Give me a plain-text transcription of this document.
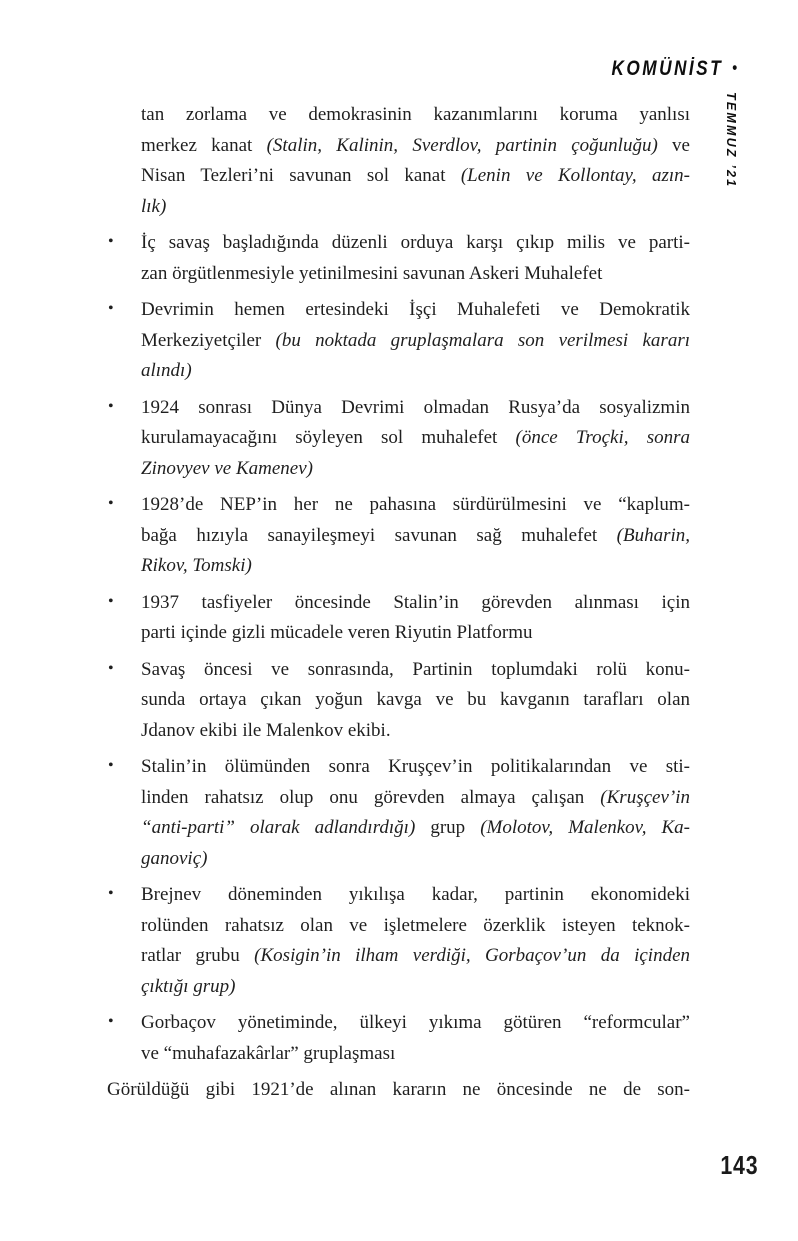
KOMÜNİST •
TEMMUZ ’21
tan zorlama ve demokrasinin kazanımlarını koruma yanlısı
merkez kanat (Stalin, Kalinin, Sverdlov, partinin çoğunluğu) ve
Nisan Tezleri’ni savunan sol kanat (Lenin ve Kollontay, azın-
lık)
• İç savaş başladığında düzenli orduya karşı çıkıp milis ve parti-
zan örgütlenmesiyle yetinilmesini savunan Askeri Muhalefet
• Devrimin hemen ertesindeki İşçi Muhalefeti ve Demokratik
Merkeziyetçiler (bu noktada gruplaşmalara son verilmesi kararı
alındı)
• 1924 sonrası Dünya Devrimi olmadan Rusya’da sosyalizmin
kurulamayacağını söyleyen sol muhalefet (önce Troçki, sonra
Zinovyev ve Kamenev)
• 1928’de NEP’in her ne pahasına sürdürülmesini ve “kaplum-
bağa hızıyla sanayileşmeyi savunan sağ muhalefet (Buharin,
Rikov, Tomski)
• 1937 tasfiyeler öncesinde Stalin’in görevden alınması için
parti içinde gizli mücadele veren Riyutin Platformu
• Savaş öncesi ve sonrasında, Partinin toplumdaki rolü konu-
sunda ortaya çıkan yoğun kavga ve bu kavganın tarafları olan
Jdanov ekibi ile Malenkov ekibi.
• Stalin’in ölümünden sonra Kruşçev’in politikalarından ve sti-
linden rahatsız olup onu görevden almaya çalışan (Kruşçev’in
“anti-parti” olarak adlandırdığı) grup (Molotov, Malenkov, Ka-
ganoviç)
• Brejnev döneminden yıkılışa kadar, partinin ekonomideki
rolünden rahatsız olan ve işletmelere özerklik isteyen teknok-
ratlar grubu (Kosigin’in ilham verdiği, Gorbaçov’un da içinden
çıktığı grup)
• Gorbaçov yönetiminde, ülkeyi yıkıma götüren “reformcular”
ve “muhafazakârlar” gruplaşması
Görüldüğü gibi 1921’de alınan kararın ne öncesinde ne de son-
143
